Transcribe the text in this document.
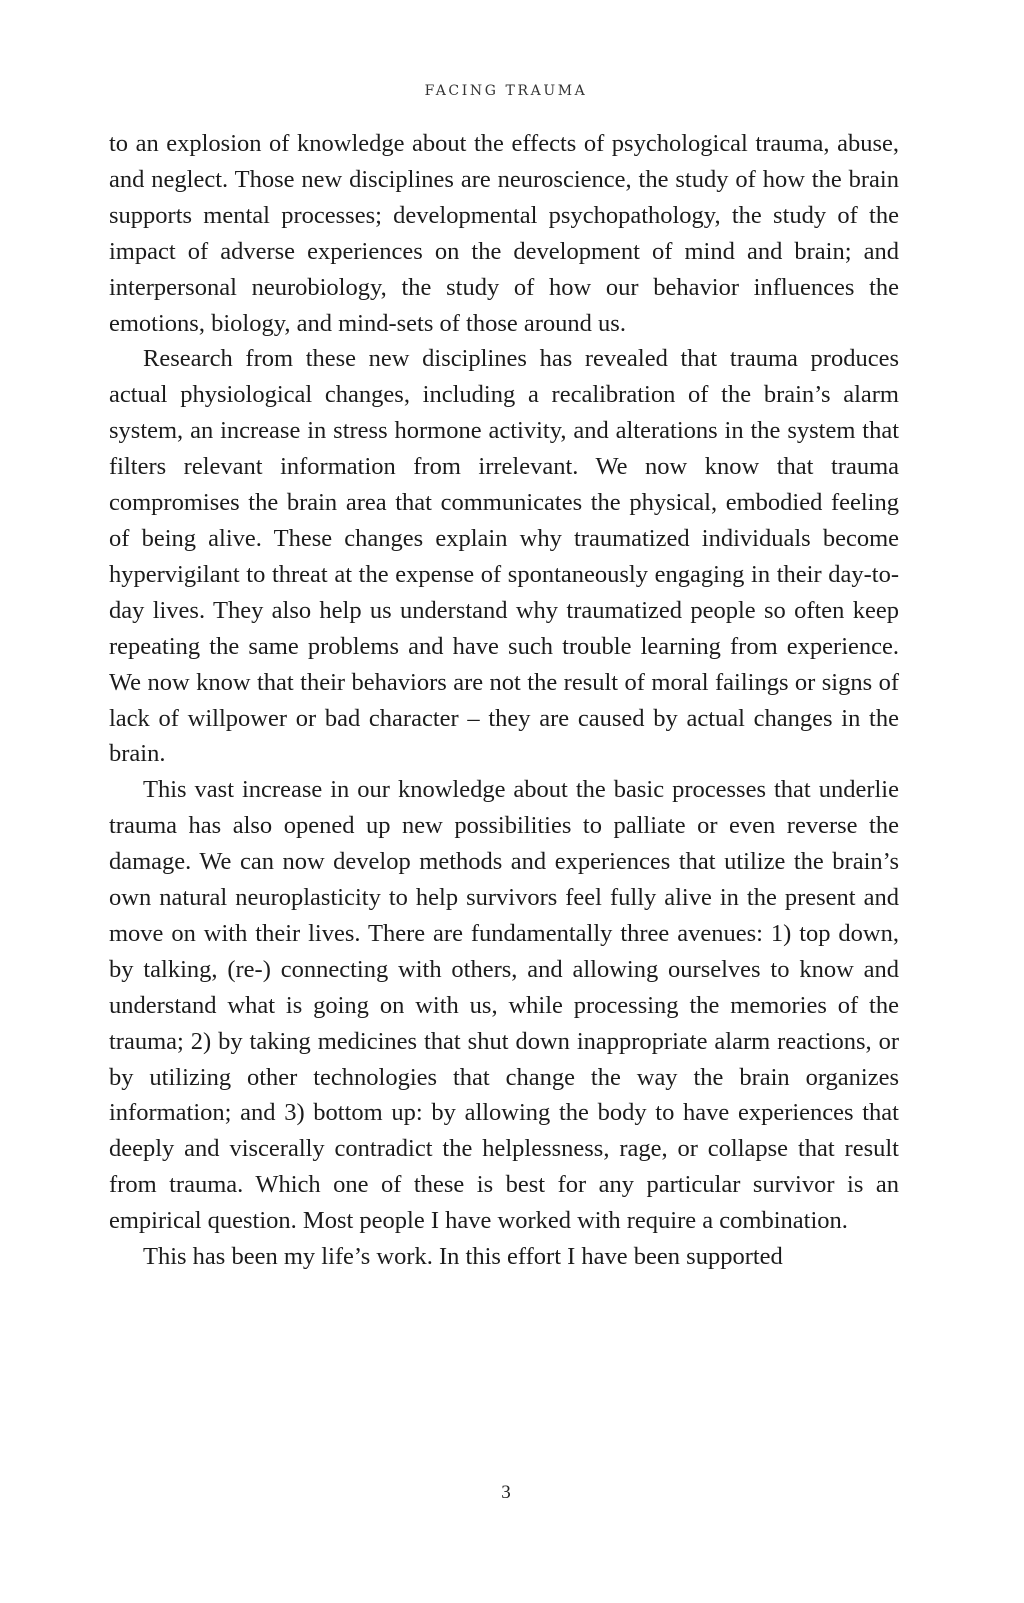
FACING TRAUMA

to an explosion of knowledge about the effects of psychological trauma, abuse, and neglect. Those new disciplines are neuroscience, the study of how the brain supports mental processes; developmental psychopathology, the study of the impact of adverse experiences on the development of mind and brain; and interpersonal neurobiology, the study of how our behavior influences the emotions, biology, and mind-sets of those around us.

Research from these new disciplines has revealed that trauma produces actual physiological changes, including a recalibration of the brain’s alarm system, an increase in stress hormone activity, and alterations in the system that filters relevant information from irrelevant. We now know that trauma compromises the brain area that communicates the physical, embodied feeling of being alive. These changes explain why traumatized individuals become hypervigilant to threat at the expense of spontaneously engaging in their day-to-day lives. They also help us understand why traumatized people so often keep repeating the same problems and have such trouble learning from experience. We now know that their behaviors are not the result of moral failings or signs of lack of willpower or bad character – they are caused by actual changes in the brain.

This vast increase in our knowledge about the basic processes that underlie trauma has also opened up new possibilities to palliate or even reverse the damage. We can now develop methods and experiences that utilize the brain’s own natural neuroplasticity to help survivors feel fully alive in the present and move on with their lives. There are fundamentally three avenues: 1) top down, by talking, (re-) connecting with others, and allowing ourselves to know and understand what is going on with us, while processing the memories of the trauma; 2) by taking medicines that shut down inappropriate alarm reactions, or by utilizing other technologies that change the way the brain organizes information; and 3) bottom up: by allowing the body to have experiences that deeply and viscerally contradict the helplessness, rage, or collapse that result from trauma. Which one of these is best for any particular survivor is an empirical question. Most people I have worked with require a combination.

This has been my life’s work. In this effort I have been supported

3
